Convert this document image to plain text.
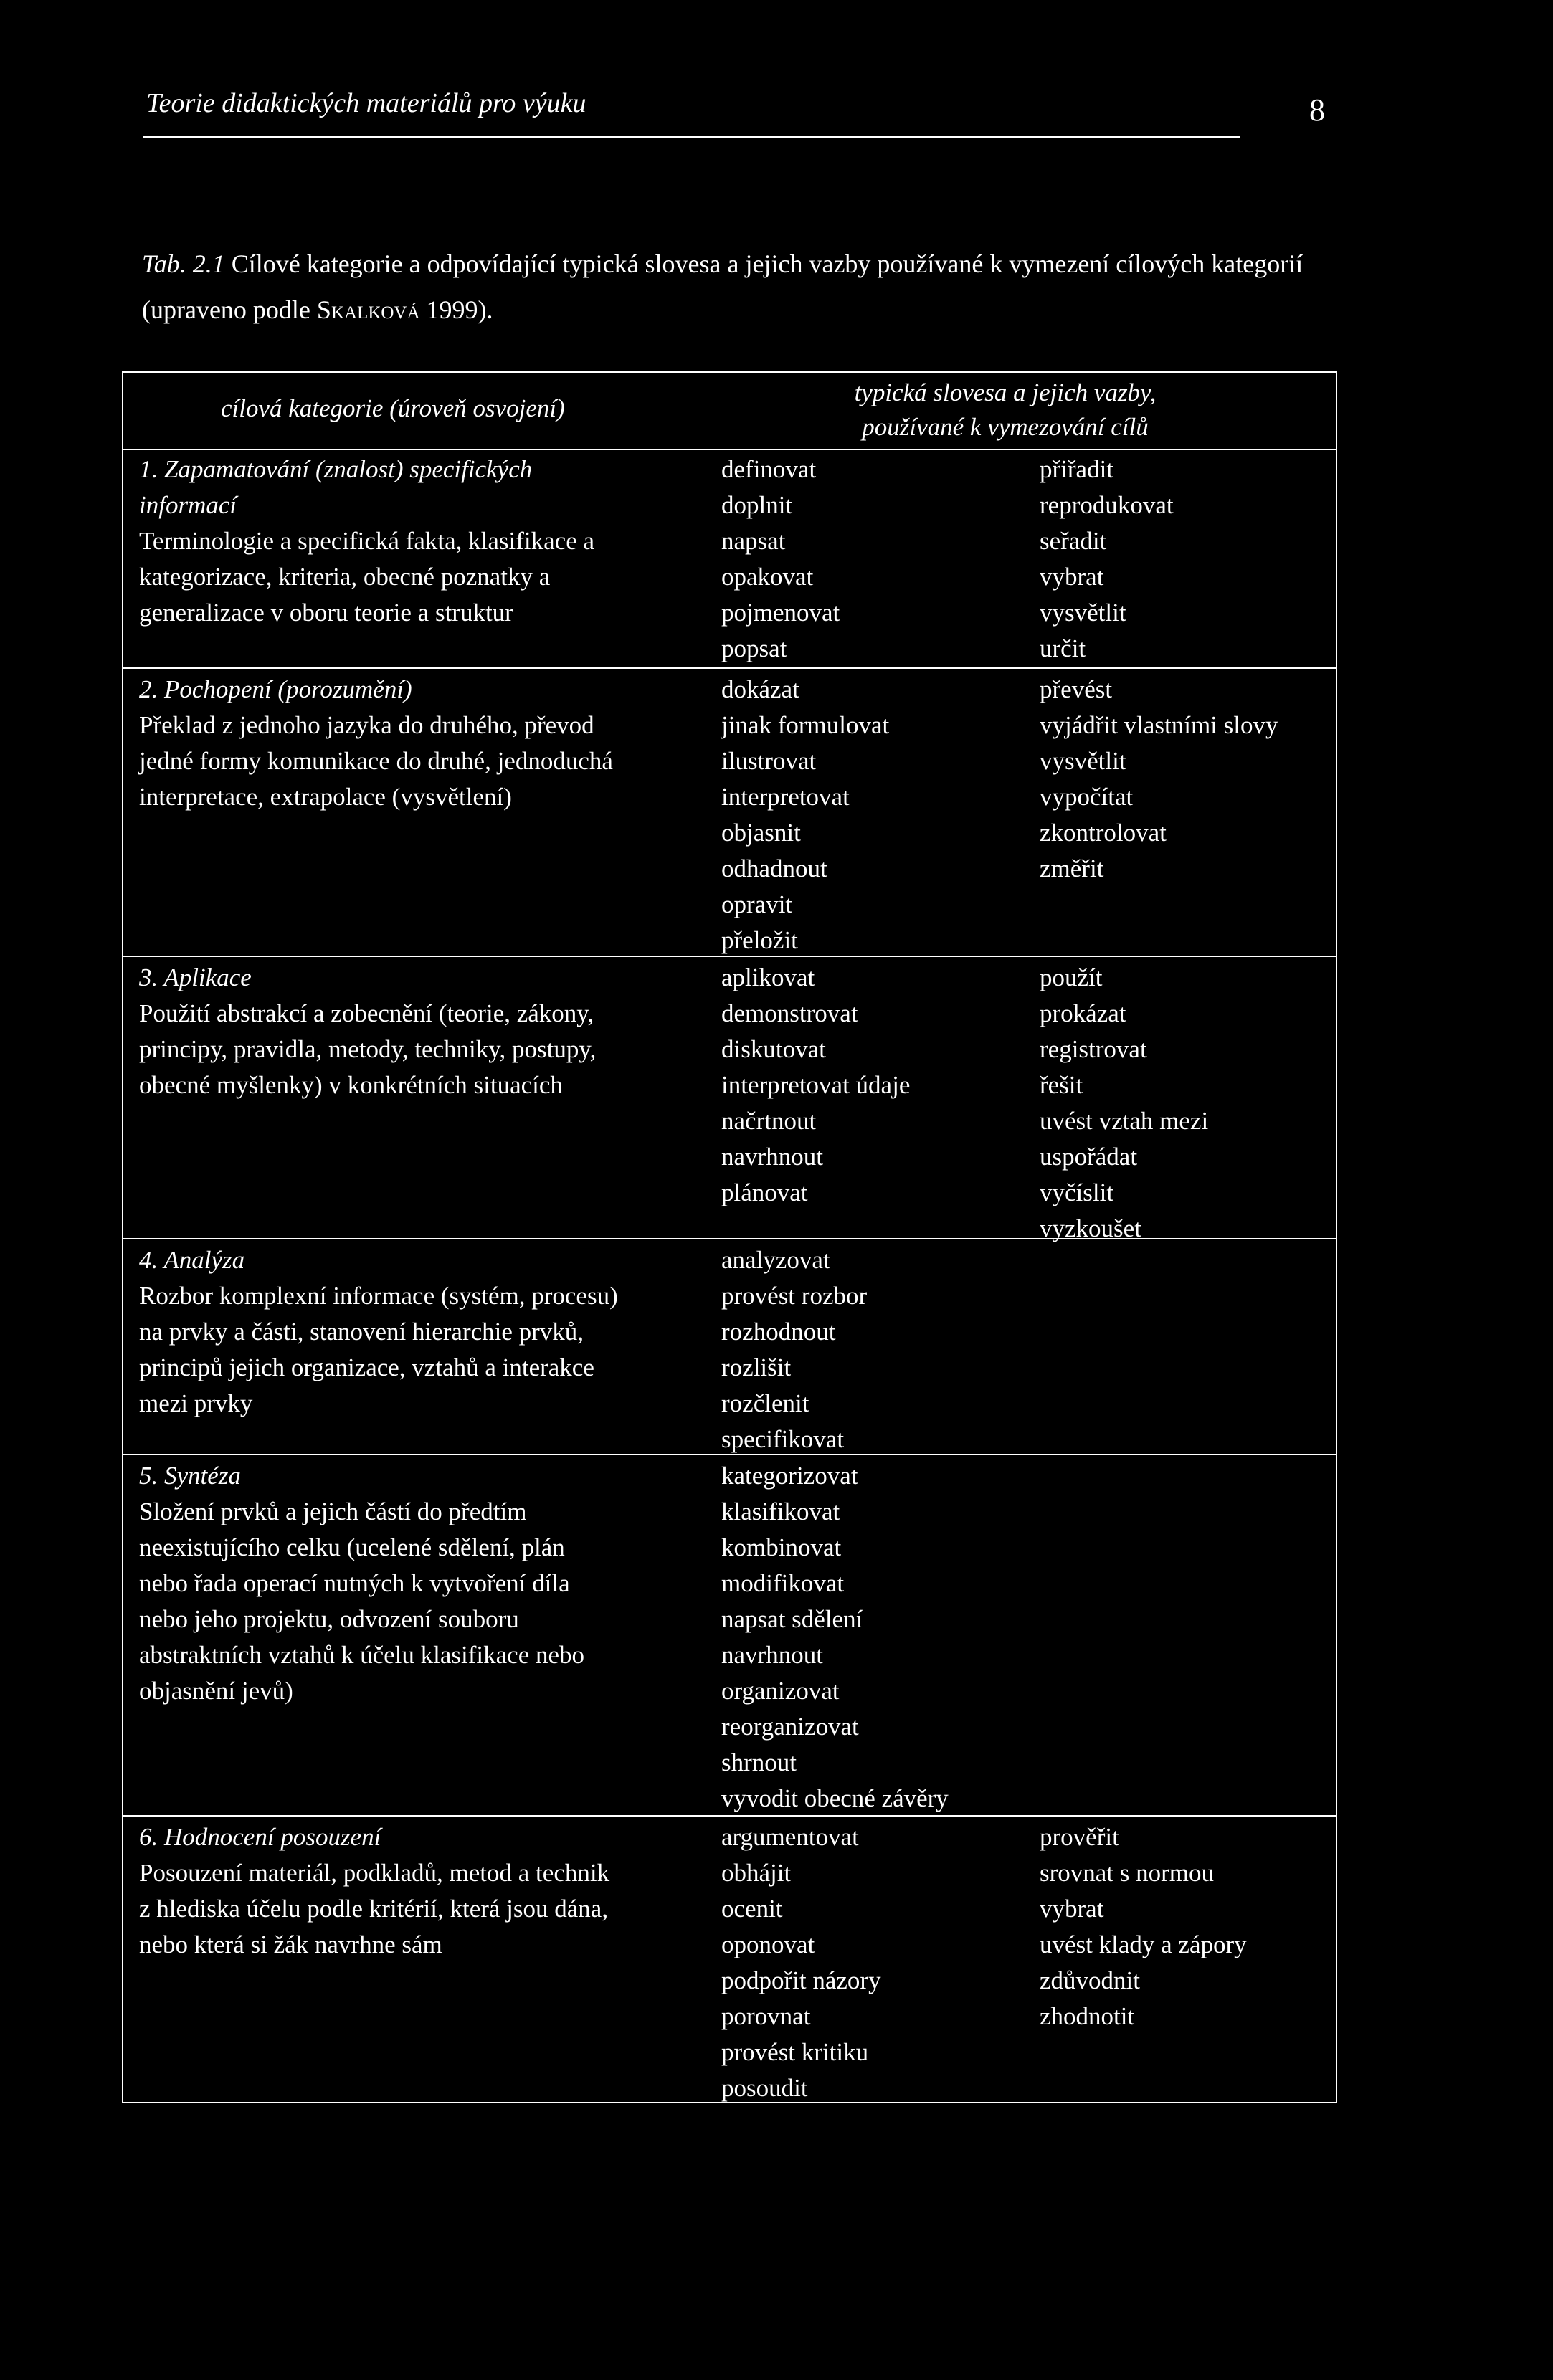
Teorie didaktických materiálů pro výuku	8
Tab. 2.1 Cílové kategorie a odpovídající typická slovesa a jejich vazby používané k vymezení cílových kategorií (upraveno podle Skalková 1999).
cílová kategorie (úroveň osvojení)
typická slovesa a jejich vazby,
používané k vymezování cílů
1. Zapamatování (znalost) specifických
informací
Terminologie a specifická fakta, klasifikace a
kategorizace, kriteria, obecné poznatky a
generalizace v oboru teorie a struktur
definovat
doplnit
napsat
opakovat
pojmenovat
popsat
přiřadit
reprodukovat
seřadit
vybrat
vysvětlit
určit
2. Pochopení (porozumění)
Překlad z jednoho jazyka do druhého, převod
jedné formy komunikace do druhé, jednoduchá
interpretace, extrapolace (vysvětlení)
dokázat
jinak formulovat
ilustrovat
interpretovat
objasnit
odhadnout
opravit
přeložit
převést
vyjádřit vlastními slovy
vysvětlit
vypočítat
zkontrolovat
změřit
3. Aplikace
Použití abstrakcí a zobecnění (teorie, zákony,
principy, pravidla, metody, techniky, postupy,
obecné myšlenky) v konkrétních situacích
aplikovat
demonstrovat
diskutovat
interpretovat údaje
načrtnout
navrhnout
plánovat
použít
prokázat
registrovat
řešit
uvést vztah mezi
uspořádat
vyčíslit
vyzkoušet
4. Analýza
Rozbor komplexní informace (systém, procesu)
na prvky a části, stanovení hierarchie prvků,
principů jejich organizace, vztahů a interakce
mezi prvky
analyzovat
provést rozbor
rozhodnout
rozlišit
rozčlenit
specifikovat
5. Syntéza
Složení prvků a jejich částí do předtím
neexistujícího celku (ucelené sdělení, plán
nebo řada operací nutných k vytvoření díla
nebo jeho projektu, odvození souboru
abstraktních vztahů k účelu klasifikace nebo
objasnění jevů)
kategorizovat
klasifikovat
kombinovat
modifikovat
napsat sdělení
navrhnout
organizovat
reorganizovat
shrnout
vyvodit obecné závěry
6. Hodnocení posouzení
Posouzení materiál, podkladů, metod a technik
z hlediska účelu podle kritérií, která jsou dána,
nebo která si žák navrhne sám
argumentovat
obhájit
ocenit
oponovat
podpořit názory
porovnat
provést kritiku
posoudit
prověřit
srovnat s normou
vybrat
uvést klady a zápory
zdůvodnit
zhodnotit
